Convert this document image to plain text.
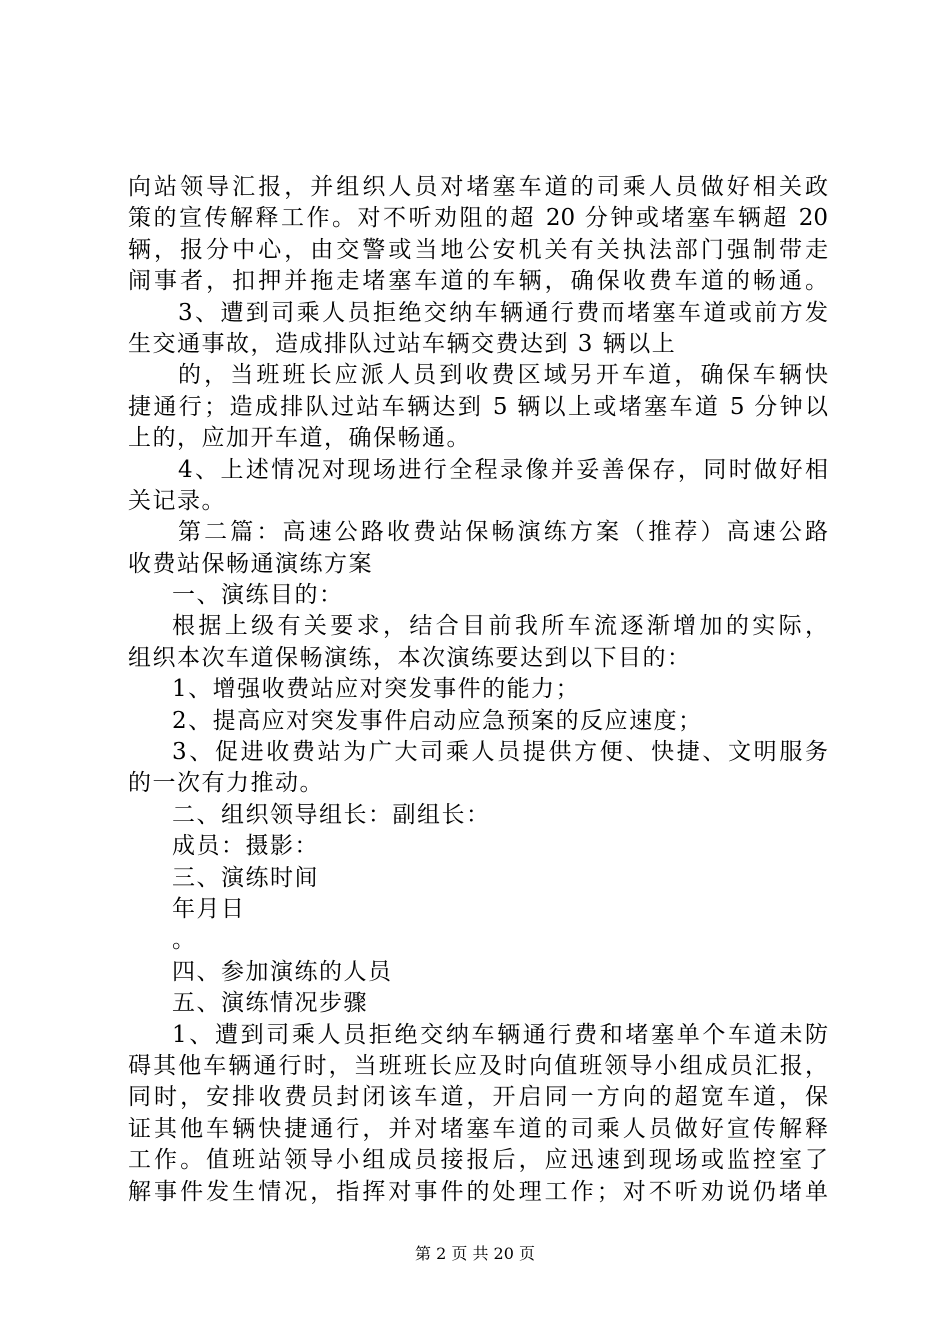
向站领导汇报，并组织人员对堵塞车道的司乘人员做好相关政
策的宣传解释工作。对不听劝阻的超 20 分钟或堵塞车辆超 20
辆，报分中心，由交警或当地公安机关有关执法部门强制带走
闹事者，扣押并拖走堵塞车道的车辆，确保收费车道的畅通。
3、遭到司乘人员拒绝交纳车辆通行费而堵塞车道或前方发
生交通事故，造成排队过站车辆交费达到 3 辆以上
的，当班班长应派人员到收费区域另开车道，确保车辆快
捷通行；造成排队过站车辆达到 5 辆以上或堵塞车道 5 分钟以
上的，应加开车道，确保畅通。
4、上述情况对现场进行全程录像并妥善保存，同时做好相
关记录。
第二篇：高速公路收费站保畅演练方案（推荐）高速公路
收费站保畅通演练方案
一、演练目的：
根据上级有关要求，结合目前我所车流逐渐增加的实际，
组织本次车道保畅演练，本次演练要达到以下目的：
1、增强收费站应对突发事件的能力；
2、提高应对突发事件启动应急预案的反应速度；
3、促进收费站为广大司乘人员提供方便、快捷、文明服务
的一次有力推动。
二、组织领导组长：副组长：
成员：摄影：
三、演练时间
年月日
。
四、参加演练的人员
五、演练情况步骤
1、遭到司乘人员拒绝交纳车辆通行费和堵塞单个车道未防
碍其他车辆通行时，当班班长应及时向值班领导小组成员汇报，
同时，安排收费员封闭该车道，开启同一方向的超宽车道，保
证其他车辆快捷通行，并对堵塞车道的司乘人员做好宣传解释
工作。值班站领导小组成员接报后，应迅速到现场或监控室了
解事件发生情况，指挥对事件的处理工作；对不听劝说仍堵单
第 2 页 共 20 页
